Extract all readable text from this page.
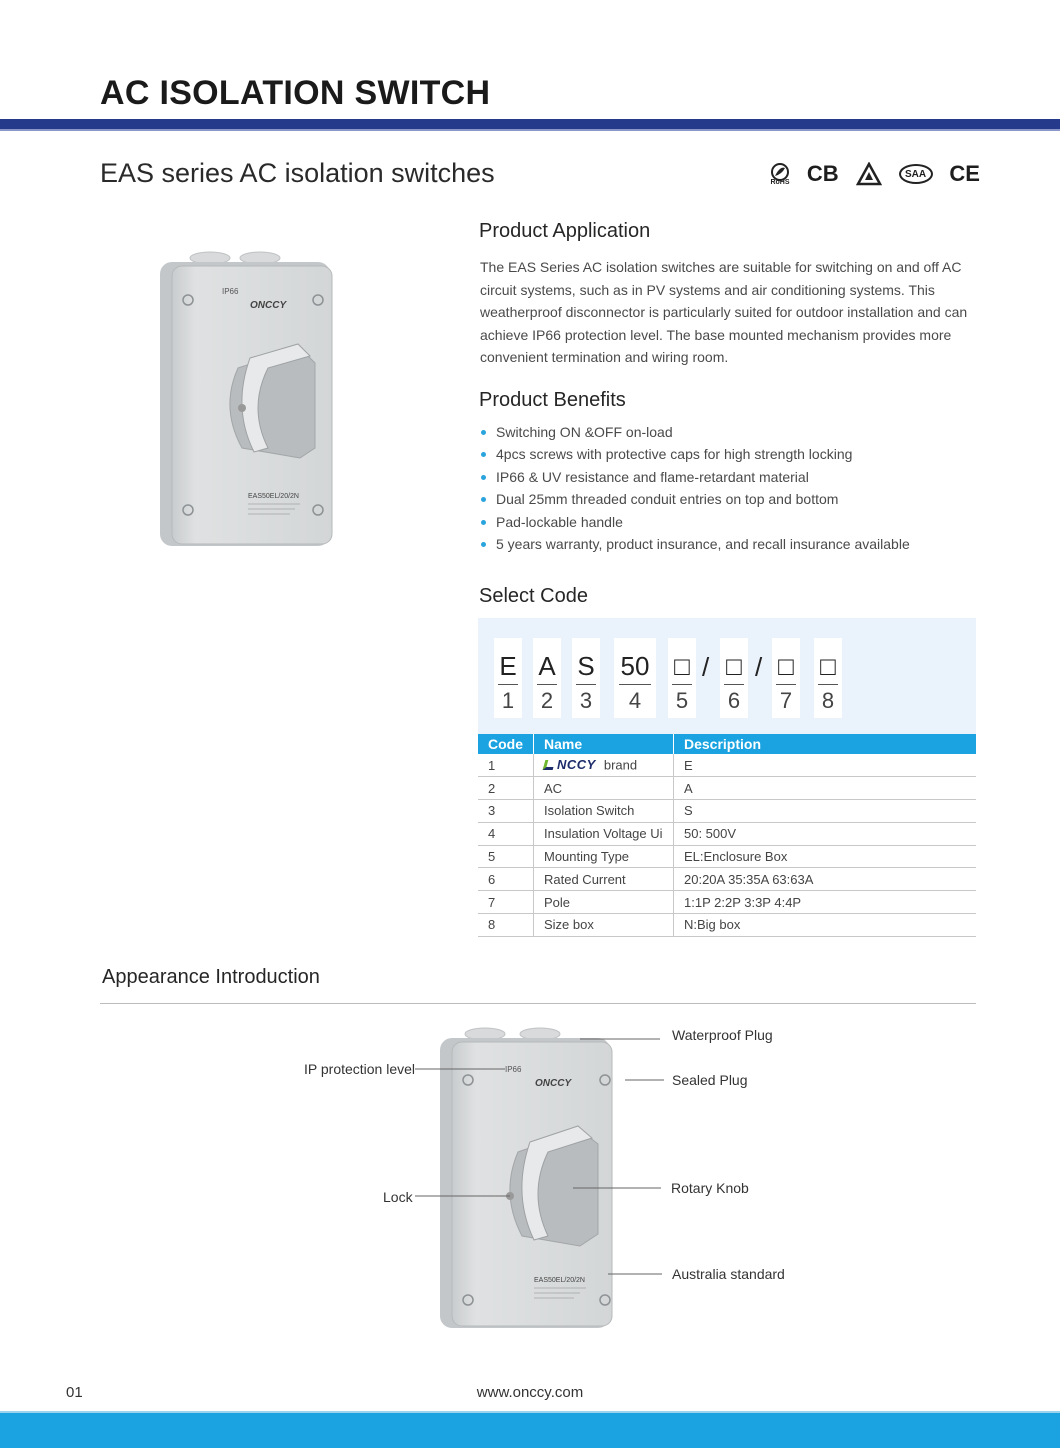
AC ISOLATION SWITCH
EAS series AC isolation switches	RoHS CB	SAA CE
IP66
ONCCY
EAS50EL/20/2N
Product Application
The EAS Series AC isolation switches are suitable for switching on and off AC circuit systems, such as in PV systems and air conditioning systems. This weatherproof disconnector is particularly suited for outdoor installation and can achieve IP66 protection level. The base mounted mechanism provides more convenient termination and wiring room.
Product Benefits
Switching ON &OFF on-load
4pcs screws with protective caps for high strength locking
IP66 & UV resistance and flame-retardant material
Dual 25mm threaded conduit entries on top and bottom
Pad-lockable handle
5 years warranty, product insurance, and recall insurance available
Select Code
E
1
A
2
S
3
50
4
□
5
/ □
6
/ □
7
□
8
Code	Name	Description
1	NCCY brand	E
2	AC	A
3	Isolation Switch	S
4	Insulation Voltage Ui	50: 500V
5	Mounting Type	EL:Enclosure Box
6	Rated Current	20:20A 35:35A 63:63A
7	Pole	1:1P 2:2P 3:3P 4:4P
8	Size box	N:Big box
Appearance Introduction
IP66
ONCCY
EAS50EL/20/2N
Waterproof Plug
IP protection level
Sealed Plug
Rotary Knob
Lock
Australia standard
01	www.onccy.com
